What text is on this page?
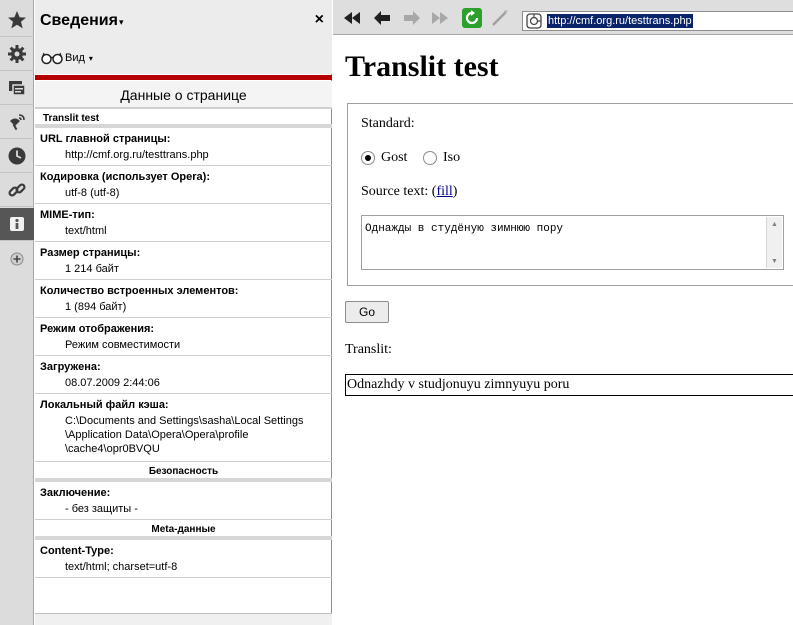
Сведения ▾	×
Вид ▾
Данные о странице
Translit test
URL главной страницы:
http://cmf.org.ru/testtrans.php
Кодировка (использует Opera):
utf-8 (utf-8)
MIME-тип:
text/html
Размер страницы:
1 214 байт
Количество встроенных элементов:
1 (894 байт)
Режим отображения:
Режим совместимости
Загружена:
08.07.2009 2:44:06
Локальный файл кэша:
C:\Documents and Settings\sasha\Local Settings
\Application Data\Opera\Opera\profile
\cache4\opr0BVQU
Безопасность
Заключение:
- без защиты -
Meta-данные
Content-Type:
text/html; charset=utf-8
http://cmf.org.ru/testtrans.php
Translit test
Standard:
Gost	Iso
Source text: (fill)
Однажды в студёную зимнюю пору	▲
▼
Go
Translit:
Odnazhdy v studjonuyu zimnyuyu poru
